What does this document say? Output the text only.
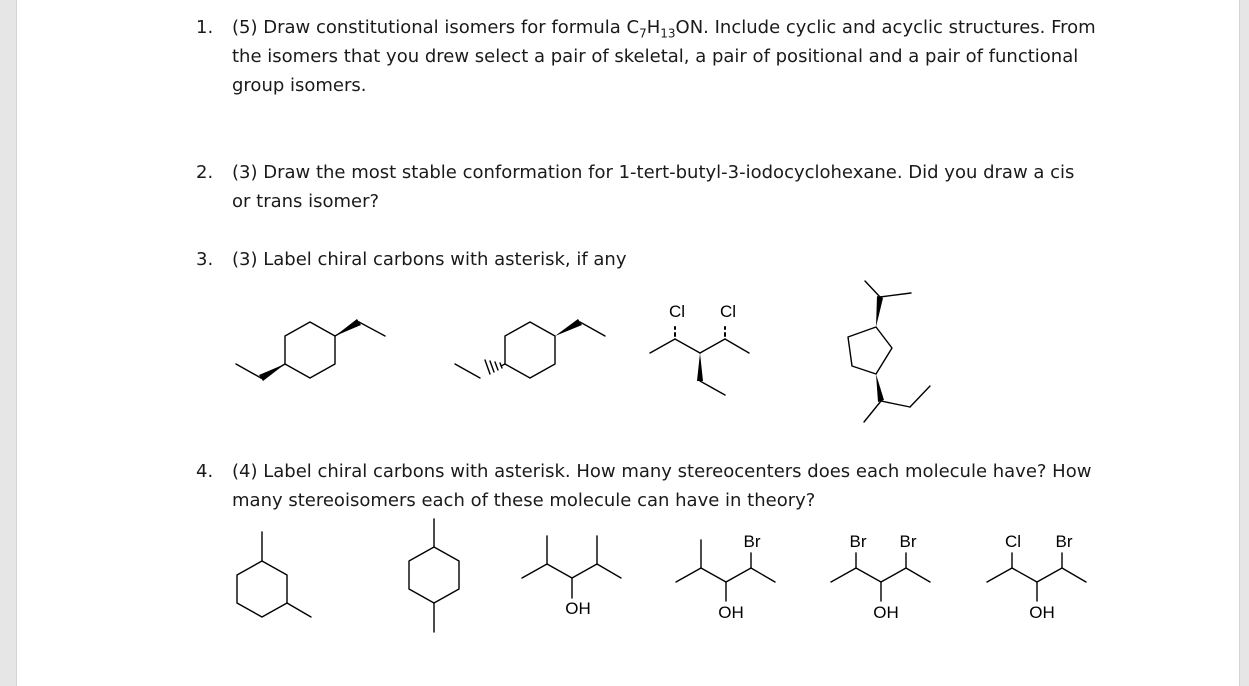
1. (5) Draw constitutional isomers for formula $C_7H_{13}ON$. Include cyclic and acyclic structures. From the isomers that you drew select a pair of skeletal, a pair of positional and a pair of functional group isomers.
2. (3) Draw the most stable conformation for 1-tert-butyl-3-iodocyclohexane. Did you draw a cis or trans isomer?
3. (3) Label chiral carbons with asterisk, if any
4. (4) Label chiral carbons with asterisk. How many stereocenters does each molecule have? How many stereoisomers each of these molecule can have in theory?
Cl Cl
OH
Br
OH
Br Br
OH
Cl Br
OH
